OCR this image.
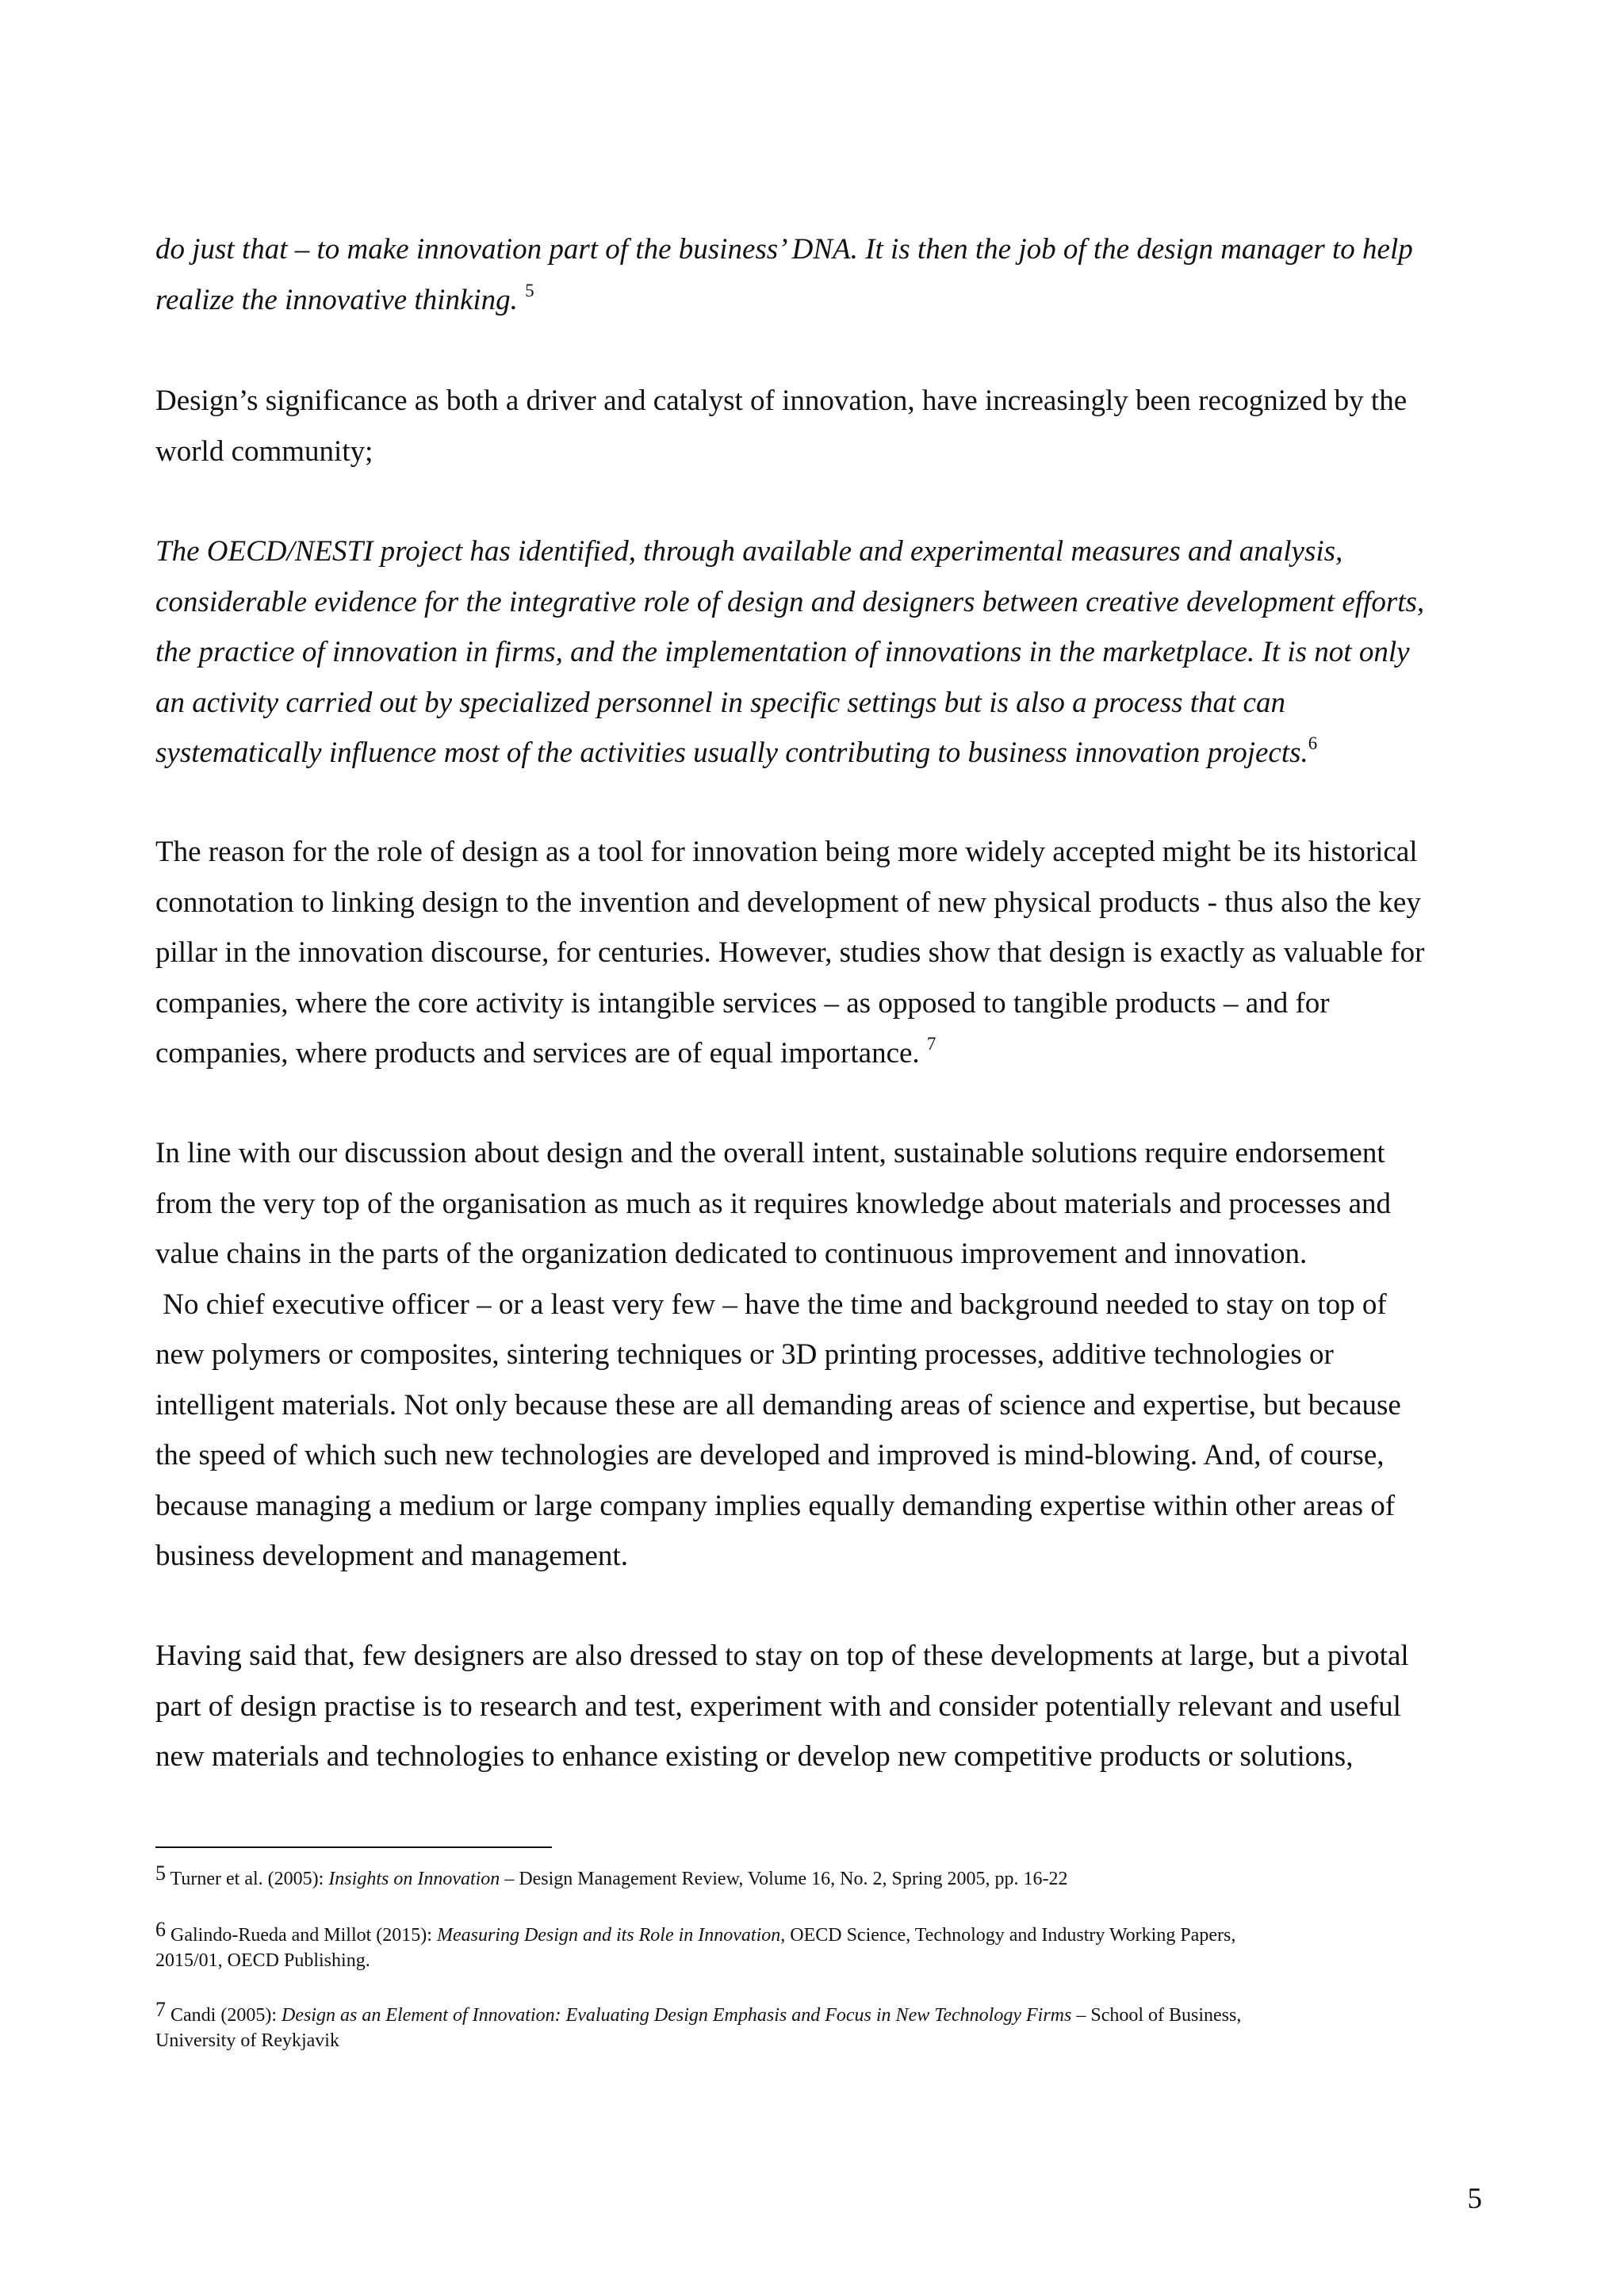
do just that – to make innovation part of the business’ DNA. It is then the job of the design manager to help
realize the innovative thinking. $^5$

Design’s significance as both a driver and catalyst of innovation, have increasingly been recognized by the
world community;

The OECD/NESTI project has identified, through available and experimental measures and analysis,
considerable evidence for the integrative role of design and designers between creative development efforts,
the practice of innovation in firms, and the implementation of innovations in the marketplace. It is not only
an activity carried out by specialized personnel in specific settings but is also a process that can
systematically influence most of the activities usually contributing to business innovation projects.$^6$

The reason for the role of design as a tool for innovation being more widely accepted might be its historical
connotation to linking design to the invention and development of new physical products - thus also the key
pillar in the innovation discourse, for centuries. However, studies show that design is exactly as valuable for
companies, where the core activity is intangible services – as opposed to tangible products – and for
companies, where products and services are of equal importance. $^7$

In line with our discussion about design and the overall intent, sustainable solutions require endorsement
from the very top of the organisation as much as it requires knowledge about materials and processes and
value chains in the parts of the organization dedicated to continuous improvement and innovation.
No chief executive officer – or a least very few – have the time and background needed to stay on top of
new polymers or composites, sintering techniques or 3D printing processes, additive technologies or
intelligent materials. Not only because these are all demanding areas of science and expertise, but because
the speed of which such new technologies are developed and improved is mind-blowing. And, of course,
because managing a medium or large company implies equally demanding expertise within other areas of
business development and management.

Having said that, few designers are also dressed to stay on top of these developments at large, but a pivotal
part of design practise is to research and test, experiment with and consider potentially relevant and useful
new materials and technologies to enhance existing or develop new competitive products or solutions,

$^5$ Turner et al. (2005): Insights on Innovation – Design Management Review, Volume 16, No. 2, Spring 2005, pp. 16-22

$^6$ Galindo-Rueda and Millot (2015): Measuring Design and its Role in Innovation, OECD Science, Technology and Industry Working Papers,
2015/01, OECD Publishing.

$^7$ Candi (2005): Design as an Element of Innovation: Evaluating Design Emphasis and Focus in New Technology Firms – School of Business,
University of Reykjavik

5
